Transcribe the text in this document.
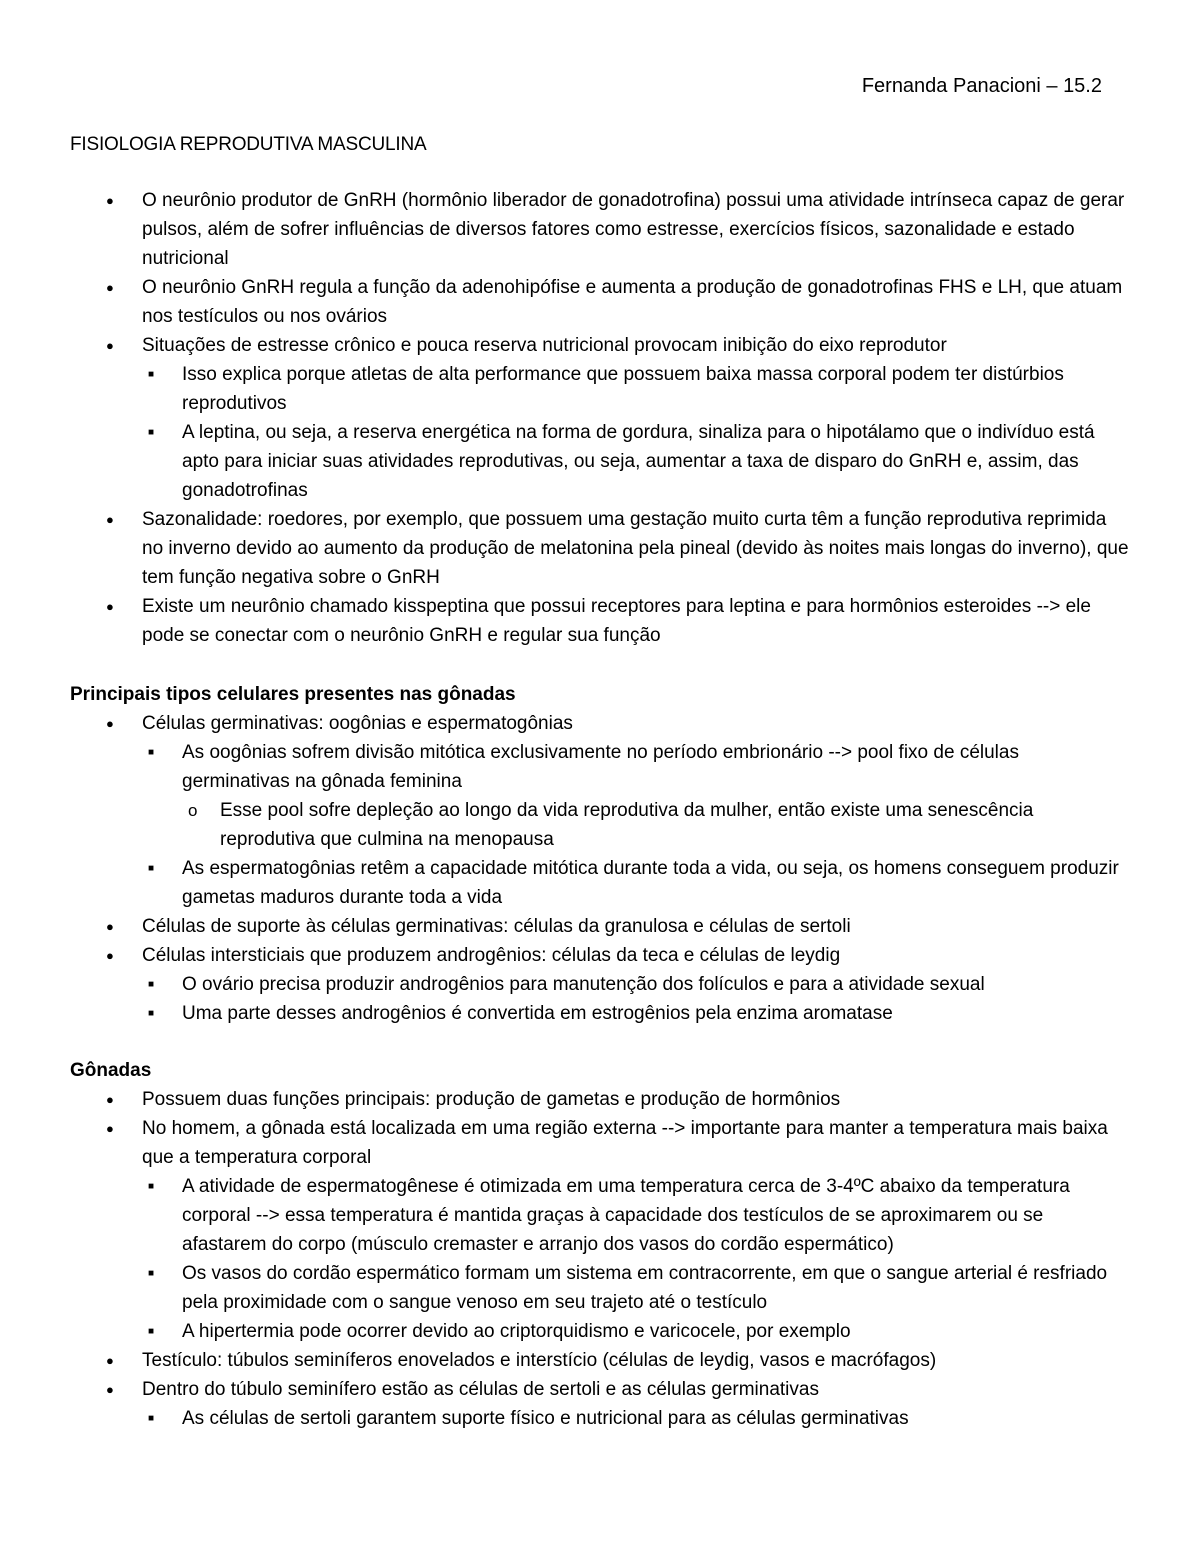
Fernanda Panacioni – 15.2
FISIOLOGIA REPRODUTIVA MASCULINA
● O neurônio produtor de GnRH (hormônio liberador de gonadotrofina) possui uma atividade intrínseca capaz de gerar pulsos, além de sofrer influências de diversos fatores como estresse, exercícios físicos, sazonalidade e estado nutricional
● O neurônio GnRH regula a função da adenohipófise e aumenta a produção de gonadotrofinas FHS e LH, que atuam nos testículos ou nos ovários
● Situações de estresse crônico e pouca reserva nutricional provocam inibição do eixo reprodutor
■ Isso explica porque atletas de alta performance que possuem baixa massa corporal podem ter distúrbios reprodutivos
■ A leptina, ou seja, a reserva energética na forma de gordura, sinaliza para o hipotálamo que o indivíduo está apto para iniciar suas atividades reprodutivas, ou seja, aumentar a taxa de disparo do GnRH e, assim, das gonadotrofinas
● Sazonalidade: roedores, por exemplo, que possuem uma gestação muito curta têm a função reprodutiva reprimida no inverno devido ao aumento da produção de melatonina pela pineal (devido às noites mais longas do inverno), que tem função negativa sobre o GnRH
● Existe um neurônio chamado kisspeptina que possui receptores para leptina e para hormônios esteroides --> ele pode se conectar com o neurônio GnRH e regular sua função

Principais tipos celulares presentes nas gônadas

● Células germinativas: oogônias e espermatogônias
■ As oogônias sofrem divisão mitótica exclusivamente no período embrionário --> pool fixo de células germinativas na gônada feminina
o Esse pool sofre depleção ao longo da vida reprodutiva da mulher, então existe uma senescência reprodutiva que culmina na menopausa
■ As espermatogônias retêm a capacidade mitótica durante toda a vida, ou seja, os homens conseguem produzir gametas maduros durante toda a vida
● Células de suporte às células germinativas: células da granulosa e células de sertoli
● Células intersticiais que produzem androgênios: células da teca e células de leydig
■ O ovário precisa produzir androgênios para manutenção dos folículos e para a atividade sexual
■ Uma parte desses androgênios é convertida em estrogênios pela enzima aromatase

Gônadas

● Possuem duas funções principais: produção de gametas e produção de hormônios
● No homem, a gônada está localizada em uma região externa --> importante para manter a temperatura mais baixa que a temperatura corporal
■ A atividade de espermatogênese é otimizada em uma temperatura cerca de 3-4ºC abaixo da temperatura corporal --> essa temperatura é mantida graças à capacidade dos testículos de se aproximarem ou se afastarem do corpo (músculo cremaster e arranjo dos vasos do cordão espermático)
■ Os vasos do cordão espermático formam um sistema em contracorrente, em que o sangue arterial é resfriado pela proximidade com o sangue venoso em seu trajeto até o testículo
■ A hipertermia pode ocorrer devido ao criptorquidismo e varicocele, por exemplo
● Testículo: túbulos seminíferos enovelados e interstício (células de leydig, vasos e macrófagos)
● Dentro do túbulo seminífero estão as células de sertoli e as células germinativas
■ As células de sertoli garantem suporte físico e nutricional para as células germinativas
